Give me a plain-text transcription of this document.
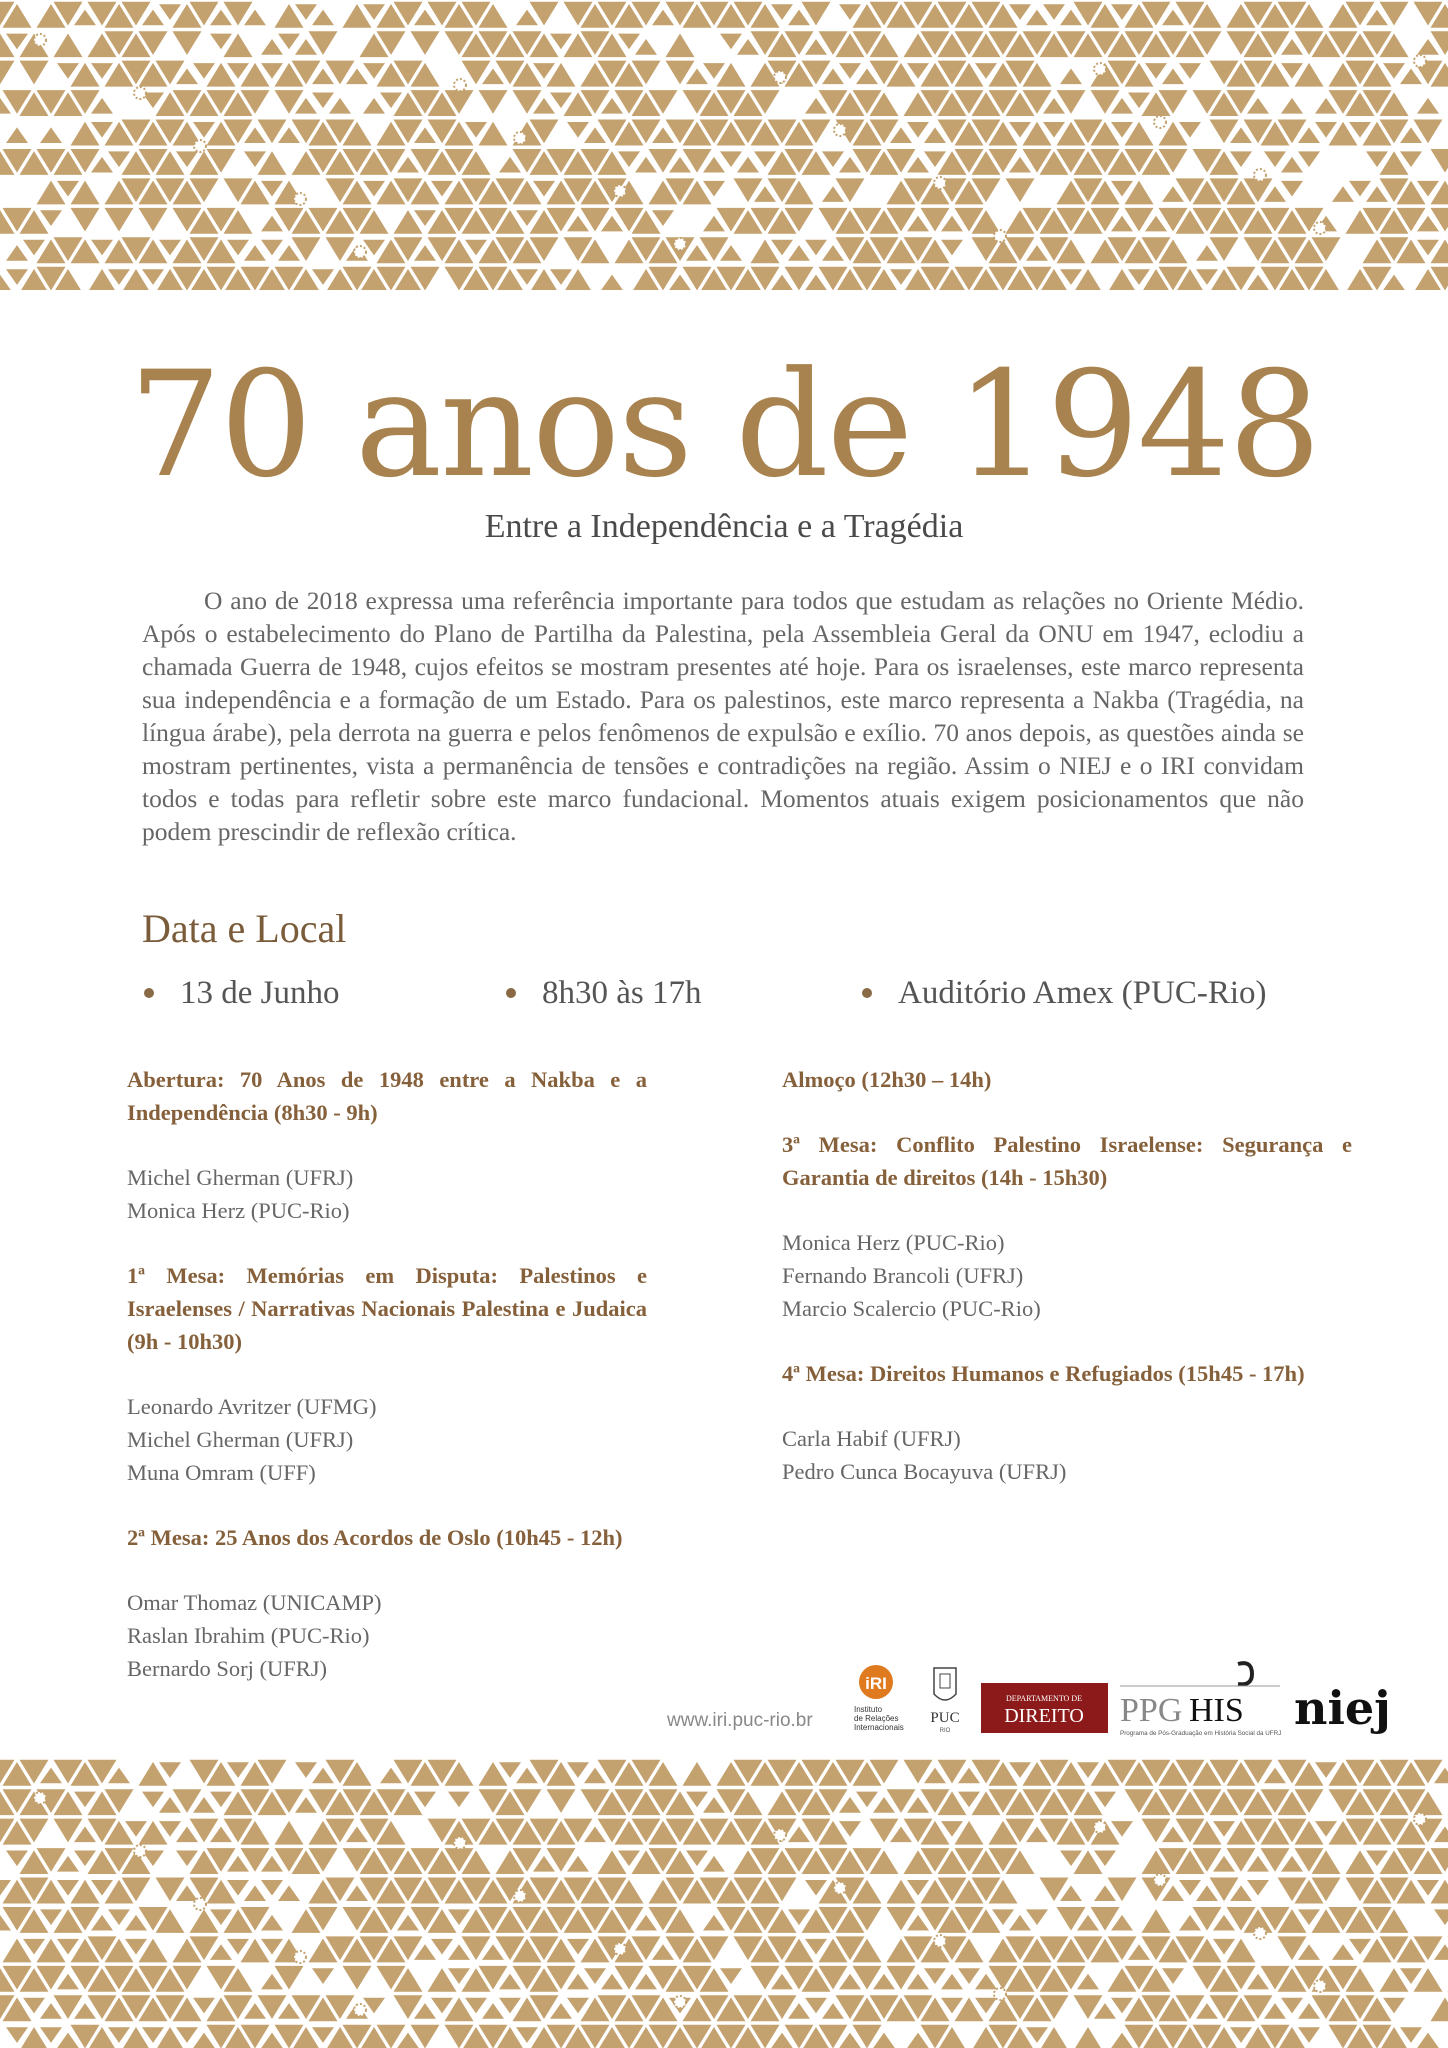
70 anos de 1948
Entre a Independência e a Tragédia

O ano de 2018 expressa uma referência importante para todos que estudam as relações no Oriente Médio. Após o estabelecimento do Plano de Partilha da Palestina, pela Assembleia Geral da ONU em 1947, eclodiu a chamada Guerra de 1948, cujos efeitos se mostram presentes até hoje. Para os israelenses, este marco representa sua independência e a formação de um Estado. Para os palestinos, este marco representa a Nakba (Tragédia, na língua árabe), pela derrota na guerra e pelos fenômenos de expulsão e exílio. 70 anos depois, as questões ainda se mostram pertinentes, vista a permanência de tensões e contradições na região. Assim o NIEJ e o IRI convidam todos e todas para refletir sobre este marco fundacional. Momentos atuais exigem posicionamentos que não podem prescindir de reflexão crítica.

Data e Local
13 de Junho	8h30 às 17h	Auditório Amex (PUC-Rio)
Abertura: 70 Anos de 1948 entre a Nakba e a Independência (8h30 - 9h)
Michel Gherman (UFRJ)
Monica Herz (PUC-Rio)
1ª Mesa: Memórias em Disputa: Palestinos e Israelenses / Narrativas Nacionais Palestina e Judaica (9h - 10h30)
Leonardo Avritzer (UFMG)
Michel Gherman (UFRJ)
Muna Omram (UFF)
2ª Mesa: 25 Anos dos Acordos de Oslo (10h45 - 12h)
Omar Thomaz (UNICAMP)
Raslan Ibrahim (PUC-Rio)
Bernardo Sorj (UFRJ)
Almoço (12h30 – 14h)
3ª Mesa: Conflito Palestino Israelense: Segurança e Garantia de direitos (14h - 15h30)
Monica Herz (PUC-Rio)
Fernando Brancoli (UFRJ)
Marcio Scalercio (PUC-Rio)
4ª Mesa: Direitos Humanos e Refugiados (15h45 - 17h)
Carla Habif (UFRJ)
Pedro Cunca Bocayuva (UFRJ)
www.iri.puc-rio.br
iRI
Instituto
de Relações
Internacionais
PUC
RIO
DEPARTAMENTO DE
DIREITO PPG HIS
Programa de Pós-Graduação em História Social da UFRJ niej
